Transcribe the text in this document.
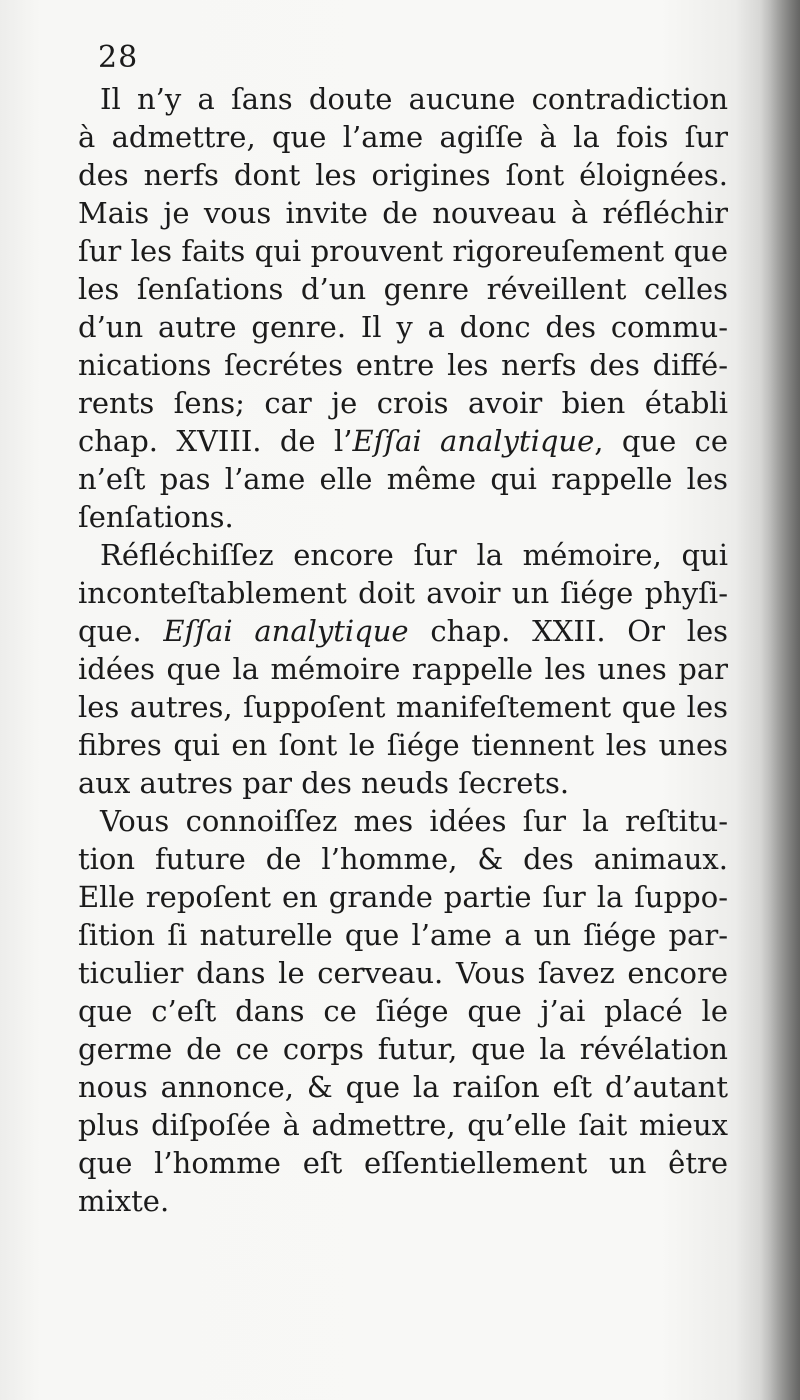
28
Il n’y a ſans doute aucune contradiction
à admettre, que l’ame agiſſe à la fois ſur
des nerfs dont les origines ſont éloignées.
Mais je vous invite de nouveau à réfléchir
ſur les faits qui prouvent rigoreuſement que
les ſenſations d’un genre réveillent celles
d’un autre genre. Il y a donc des commu-
nications ſecrétes entre les nerfs des diffé-
rents ſens; car je crois avoir bien établi
chap. XVIII. de l’Eſſai analytique, que ce
n’eſt pas l’ame elle même qui rappelle les
ſenſations.
Réfléchiſſez encore ſur la mémoire, qui
inconteſtablement doit avoir un ſiége phyſi-
que. Eſſai analytique chap. XXII. Or les
idées que la mémoire rappelle les unes par
les autres, ſuppoſent manifeſtement que les
fibres qui en ſont le ſiége tiennent les unes
aux autres par des neuds ſecrets.
Vous connoiſſez mes idées ſur la reſtitu-
tion future de l’homme, & des animaux.
Elle repoſent en grande partie ſur la ſuppo-
ſition ſi naturelle que l’ame a un ſiége par-
ticulier dans le cerveau. Vous ſavez encore
que c’eſt dans ce ſiége que j’ai placé le
germe de ce corps futur, que la révélation
nous annonce, & que la raiſon eſt d’autant
plus diſpoſée à admettre, qu’elle ſait mieux
que l’homme eſt eſſentiellement un être
mixte.
